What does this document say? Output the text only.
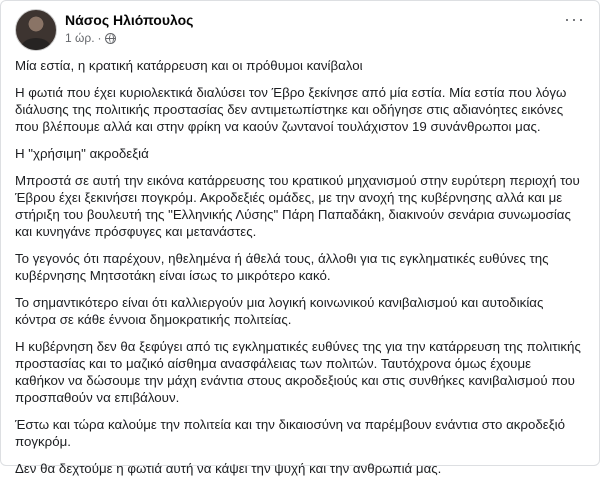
Νάσος Ηλιόπουλος
1 ώρ. ·
···

Μία εστία, η κρατική κατάρρευση και οι πρόθυμοι κανίβαλοι

Η φωτιά που έχει κυριολεκτικά διαλύσει τον Έβρο ξεκίνησε από μία εστία. Μία εστία που λόγω διάλυσης της πολιτικής προστασίας δεν αντιμετωπίστηκε και οδήγησε στις αδιανόητες εικόνες που βλέπουμε αλλά και στην φρίκη να καούν ζωντανοί τουλάχιστον 19 συνάνθρωποι μας.

Η "χρήσιμη" ακροδεξιά

Μπροστά σε αυτή την εικόνα κατάρρευσης του κρατικού μηχανισμού στην ευρύτερη περιοχή του Έβρου έχει ξεκινήσει πογκρόμ. Ακροδεξιές ομάδες, με την ανοχή της κυβέρνησης αλλά και με στήριξη του βουλευτή της "Ελληνικής Λύσης" Πάρη Παπαδάκη, διακινούν σενάρια συνωμοσίας και κυνηγάνε πρόσφυγες και μετανάστες.

Το γεγονός ότι παρέχουν, ηθελημένα ή άθελά τους, άλλοθι για τις εγκληματικές ευθύνες της κυβέρνησης Μητσοτάκη είναι ίσως το μικρότερο κακό.

Το σημαντικότερο είναι ότι καλλιεργούν μια λογική κοινωνικού κανιβαλισμού και αυτοδικίας κόντρα σε κάθε έννοια δημοκρατικής πολιτείας.

Η κυβέρνηση δεν θα ξεφύγει από τις εγκληματικές ευθύνες της για την κατάρρευση της πολιτικής προστασίας και το μαζικό αίσθημα ανασφάλειας των πολιτών. Ταυτόχρονα όμως έχουμε καθήκον να δώσουμε την μάχη ενάντια στους ακροδεξιούς και στις συνθήκες κανιβαλισμού που προσπαθούν να επιβάλουν.

Έστω και τώρα καλούμε την πολιτεία και την δικαιοσύνη να παρέμβουν ενάντια στο ακροδεξιό πογκρόμ.

Δεν θα δεχτούμε η φωτιά αυτή να κάψει την ψυχή και την ανθρωπιά μας.
